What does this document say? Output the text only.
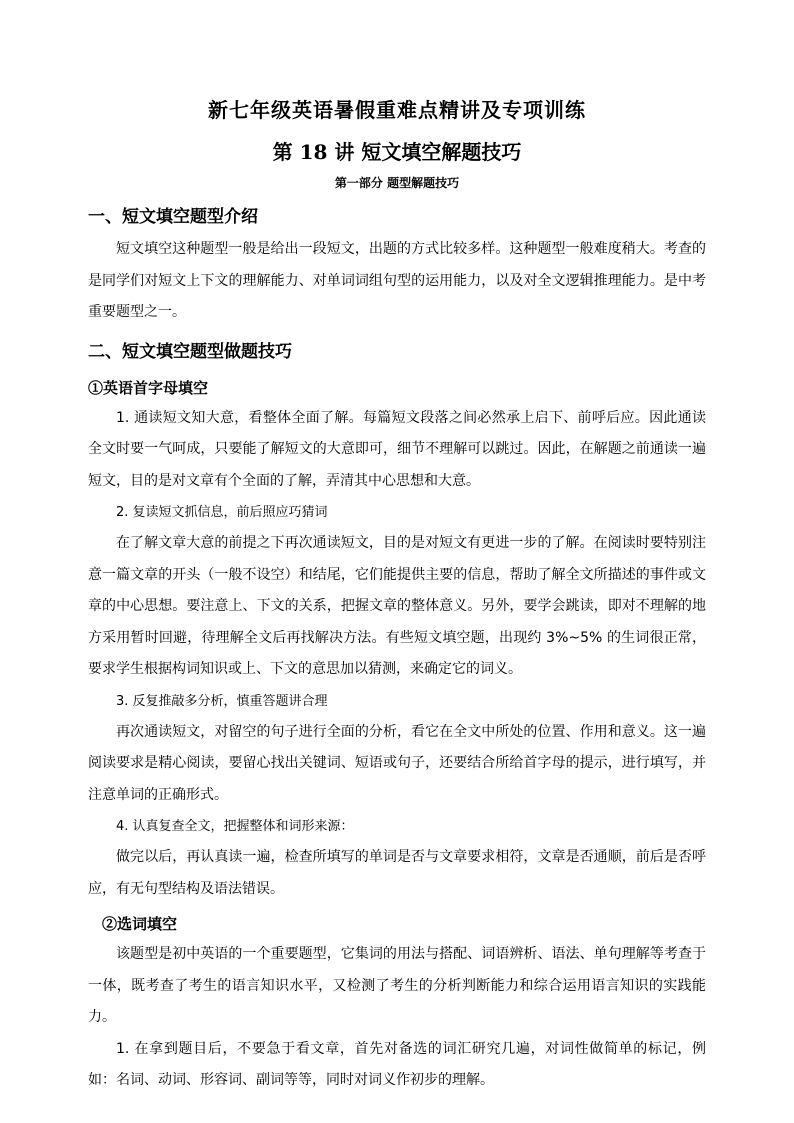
新七年级英语暑假重难点精讲及专项训练
第 18 讲 短文填空解题技巧
第一部分 题型解题技巧
一、短文填空题型介绍

短文填空这种题型一般是给出一段短文，出题的方式比较多样。这种题型一般难度稍大。考查的是同学们对短文上下文的理解能力、对单词词组句型的运用能力，以及对全文逻辑推理能力。是中考重要题型之一。

二、短文填空题型做题技巧
①英语首字母填空

1. 通读短文知大意，看整体全面了解。每篇短文段落之间必然承上启下、前呼后应。因此通读全文时要一气呵成，只要能了解短文的大意即可，细节不理解可以跳过。因此，在解题之前通读一遍短文，目的是对文章有个全面的了解，弄清其中心思想和大意。

2. 复读短文抓信息，前后照应巧猜词

在了解文章大意的前提之下再次通读短文，目的是对短文有更进一步的了解。在阅读时要特别注意一篇文章的开头（一般不设空）和结尾，它们能提供主要的信息，帮助了解全文所描述的事件或文章的中心思想。要注意上、下文的关系，把握文章的整体意义。另外，要学会跳读，即对不理解的地方采用暂时回避，待理解全文后再找解决方法。有些短文填空题，出现约 3%~5% 的生词很正常，要求学生根据构词知识或上、下文的意思加以猜测，来确定它的词义。

3. 反复推敲多分析，慎重答题讲合理

再次通读短文，对留空的句子进行全面的分析，看它在全文中所处的位置、作用和意义。这一遍阅读要求是精心阅读，要留心找出关键词、短语或句子，还要结合所给首字母的提示，进行填写，并注意单词的正确形式。

4. 认真复查全文，把握整体和词形来源：

做完以后，再认真读一遍，检查所填写的单词是否与文章要求相符，文章是否通顺，前后是否呼应，有无句型结构及语法错误。

②选词填空

该题型是初中英语的一个重要题型，它集词的用法与搭配、词语辨析、语法、单句理解等考查于一体，既考查了考生的语言知识水平，又检测了考生的分析判断能力和综合运用语言知识的实践能力。

1. 在拿到题目后，不要急于看文章，首先对备选的词汇研究几遍，对词性做简单的标记，例如：名词、动词、形容词、副词等等，同时对词义作初步的理解。
